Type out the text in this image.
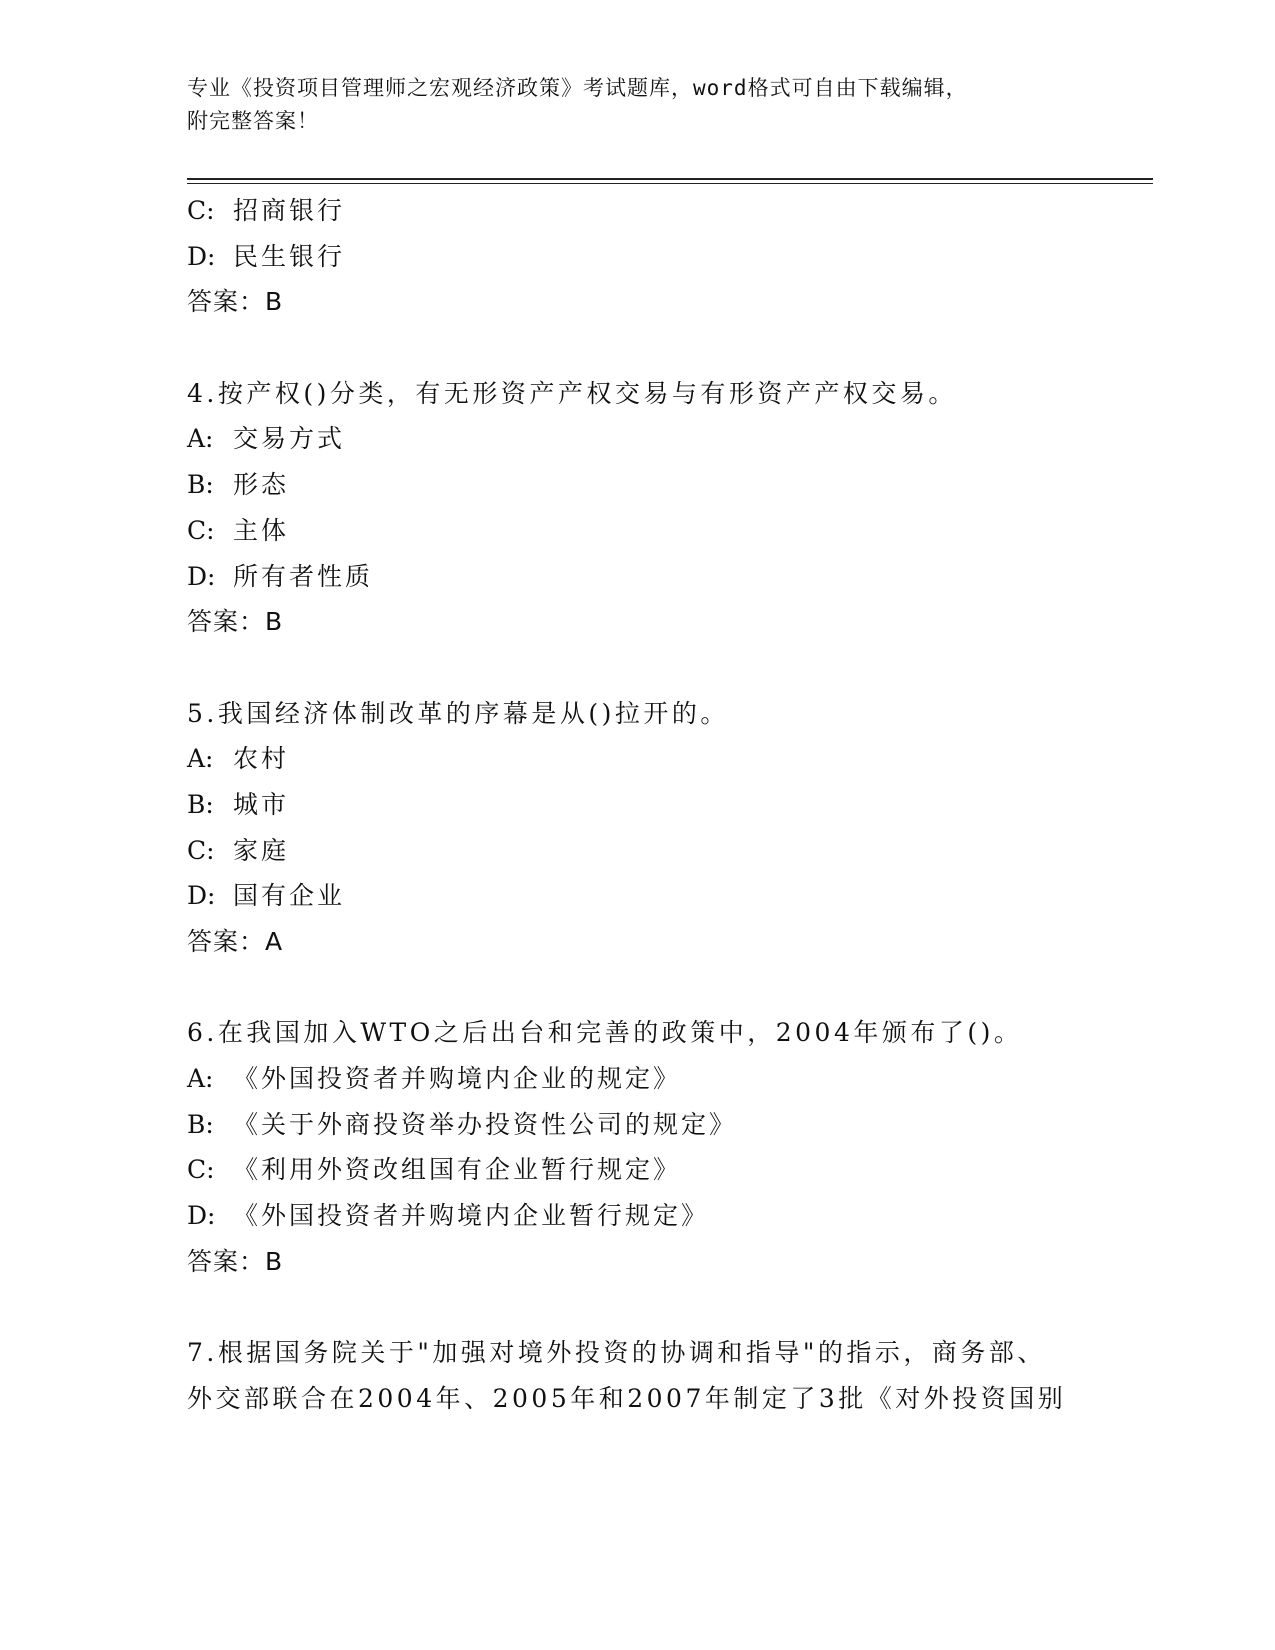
专业《投资项目管理师之宏观经济政策》考试题库，word格式可自由下载编辑，
附完整答案！
C: 招商银行
D: 民生银行
答案：B
4.按产权()分类，有无形资产产权交易与有形资产产权交易。
A: 交易方式
B: 形态
C: 主体
D: 所有者性质
答案：B
5.我国经济体制改革的序幕是从()拉开的。
A: 农村
B: 城市
C: 家庭
D: 国有企业
答案：A
6.在我国加入WTO之后出台和完善的政策中，2004年颁布了()。
A: 《外国投资者并购境内企业的规定》
B: 《关于外商投资举办投资性公司的规定》
C: 《利用外资改组国有企业暂行规定》
D: 《外国投资者并购境内企业暂行规定》
答案：B
7.根据国务院关于"加强对境外投资的协调和指导"的指示，商务部、
外交部联合在2004年、2005年和2007年制定了3批《对外投资国别
